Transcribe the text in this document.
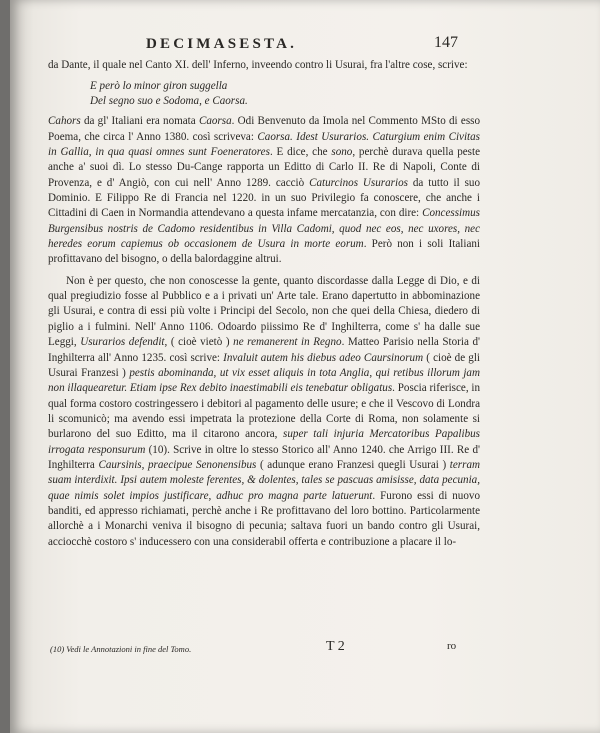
DECIMASESTA.	147

da Dante, il quale nel Canto XI. dell' Inferno, inveendo contro li Usurai, fra l'altre cose, scrive:

E però lo minor giron suggella
Del segno suo e Sodoma, e Caorsa.

Cahors da gl' Italiani era nomata Caorsa. Odi Benvenuto da Imola nel Commento MSto di esso Poema, che circa l' Anno 1380. così scriveva: Caorsa. Idest Usurarios. Caturgium enim Civitas in Gallia, in qua quasi omnes sunt Foeneratores. E dice, che sono, perchè durava quella peste anche a' suoi dì. Lo stesso Du-Cange rapporta un Editto di Carlo II. Re di Napoli, Conte di Provenza, e d' Angiò, con cui nell' Anno 1289. cacciò Caturcinos Usurarios da tutto il suo Dominio. E Filippo Re di Francia nel 1220. in un suo Privilegio fa conoscere, che anche i Cittadini di Caen in Normandia attendevano a questa infame mercatanzia, con dire: Concessimus Burgensibus nostris de Cadomo residentibus in Villa Cadomi, quod nec eos, nec uxores, nec heredes eorum capiemus ob occasionem de Usura in morte eorum. Però non i soli Italiani profittavano del bisogno, o della balordaggine altrui.

Non è per questo, che non conoscesse la gente, quanto discordasse dalla Legge di Dio, e di qual pregiudizio fosse al Pubblico e a i privati un' Arte tale. Erano dapertutto in abbominazione gli Usurai, e contra di essi più volte i Principi del Secolo, non che quei della Chiesa, diedero di piglio a i fulmini. Nell' Anno 1106. Odoardo piissimo Re d' Inghilterra, come s' ha dalle sue Leggi, Usurarios defendit, ( cioè vietò ) ne remanerent in Regno. Matteo Parisio nella Storia d' Inghilterra all' Anno 1235. così scrive: Invaluit autem his diebus adeo Caursinorum ( cioè de gli Usurai Franzesi ) pestis abominanda, ut vix esset aliquis in tota Anglia, qui retibus illorum jam non illaquearetur. Etiam ipse Rex debito inaestimabili eis tenebatur obligatus. Poscia riferisce, in qual forma costoro costringessero i debitori al pagamento delle usure; e che il Vescovo di Londra li scomunicò; ma avendo essi impetrata la protezione della Corte di Roma, non solamente si burlarono del suo Editto, ma il citarono ancora, super tali injuria Mercatoribus Papalibus irrogata responsurum (10). Scrive in oltre lo stesso Storico all' Anno 1240. che Arrigo III. Re d' Inghilterra Caursinis, praecipue Senonensibus ( adunque erano Franzesi quegli Usurai ) terram suam interdixit. Ipsi autem moleste ferentes, & dolentes, tales se pascuas amisisse, data pecunia, quae nimis solet impios justificare, adhuc pro magna parte latuerunt. Furono essi di nuovo banditi, ed appresso richiamati, perchè anche i Re profittavano del loro bottino. Particolarmente allorchè a i Monarchi veniva il bisogno di pecunia; saltava fuori un bando contro gli Usurai, acciocchè costoro s' inducessero con una considerabil offerta e contribuzione a placare il lo-

(10) Vedi le Annotazioni in fine del Tomo.	T 2	ro
